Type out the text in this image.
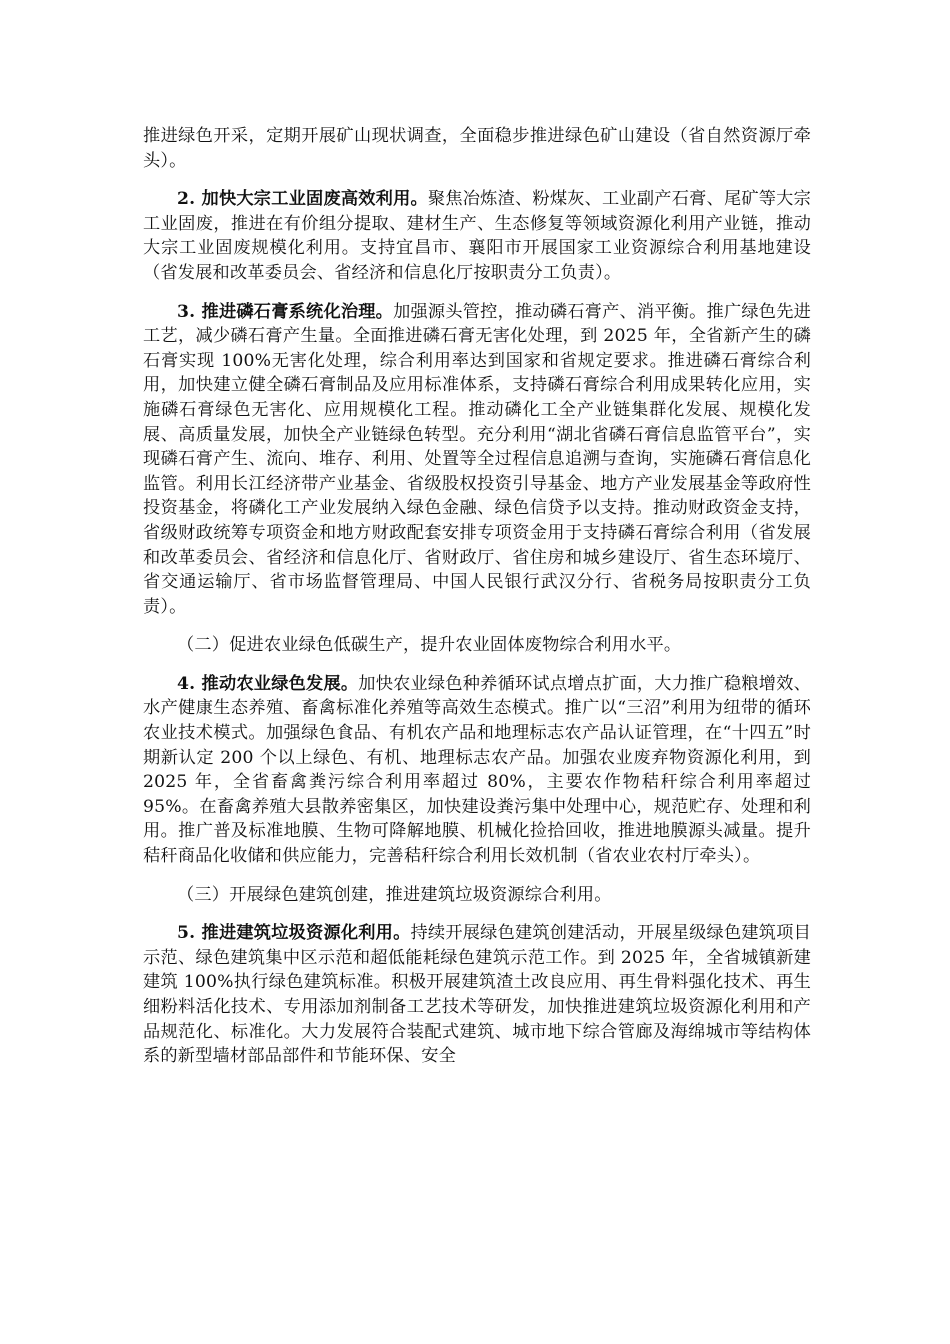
推进绿色开采，定期开展矿山现状调查，全面稳步推进绿色矿山建设（省自然资源厅牵头）。

2. 加快大宗工业固废高效利用。聚焦冶炼渣、粉煤灰、工业副产石膏、尾矿等大宗工业固废，推进在有价组分提取、建材生产、生态修复等领域资源化利用产业链，推动大宗工业固废规模化利用。支持宜昌市、襄阳市开展国家工业资源综合利用基地建设（省发展和改革委员会、省经济和信息化厅按职责分工负责）。

3. 推进磷石膏系统化治理。加强源头管控，推动磷石膏产、消平衡。推广绿色先进工艺，减少磷石膏产生量。全面推进磷石膏无害化处理，到 2025 年，全省新产生的磷石膏实现 100%无害化处理，综合利用率达到国家和省规定要求。推进磷石膏综合利用，加快建立健全磷石膏制品及应用标准体系，支持磷石膏综合利用成果转化应用，实施磷石膏绿色无害化、应用规模化工程。推动磷化工全产业链集群化发展、规模化发展、高质量发展，加快全产业链绿色转型。充分利用“湖北省磷石膏信息监管平台”，实现磷石膏产生、流向、堆存、利用、处置等全过程信息追溯与查询，实施磷石膏信息化监管。利用长江经济带产业基金、省级股权投资引导基金、地方产业发展基金等政府性投资基金，将磷化工产业发展纳入绿色金融、绿色信贷予以支持。推动财政资金支持，省级财政统筹专项资金和地方财政配套安排专项资金用于支持磷石膏综合利用（省发展和改革委员会、省经济和信息化厅、省财政厅、省住房和城乡建设厅、省生态环境厅、省交通运输厅、省市场监督管理局、中国人民银行武汉分行、省税务局按职责分工负责）。

（二）促进农业绿色低碳生产，提升农业固体废物综合利用水平。

4. 推动农业绿色发展。加快农业绿色种养循环试点增点扩面，大力推广稳粮增效、水产健康生态养殖、畜禽标准化养殖等高效生态模式。推广以“三沼”利用为纽带的循环农业技术模式。加强绿色食品、有机农产品和地理标志农产品认证管理，在“十四五”时期新认定 200 个以上绿色、有机、地理标志农产品。加强农业废弃物资源化利用，到 2025 年，全省畜禽粪污综合利用率超过 80%，主要农作物秸秆综合利用率超过 95%。在畜禽养殖大县散养密集区，加快建设粪污集中处理中心，规范贮存、处理和利用。推广普及标准地膜、生物可降解地膜、机械化捡拾回收，推进地膜源头减量。提升秸秆商品化收储和供应能力，完善秸秆综合利用长效机制（省农业农村厅牵头）。

（三）开展绿色建筑创建，推进建筑垃圾资源综合利用。

5. 推进建筑垃圾资源化利用。持续开展绿色建筑创建活动，开展星级绿色建筑项目示范、绿色建筑集中区示范和超低能耗绿色建筑示范工作。到 2025 年，全省城镇新建建筑 100%执行绿色建筑标准。积极开展建筑渣土改良应用、再生骨料强化技术、再生细粉料活化技术、专用添加剂制备工艺技术等研发，加快推进建筑垃圾资源化利用和产品规范化、标准化。大力发展符合装配式建筑、城市地下综合管廊及海绵城市等结构体系的新型墙材部品部件和节能环保、安全
